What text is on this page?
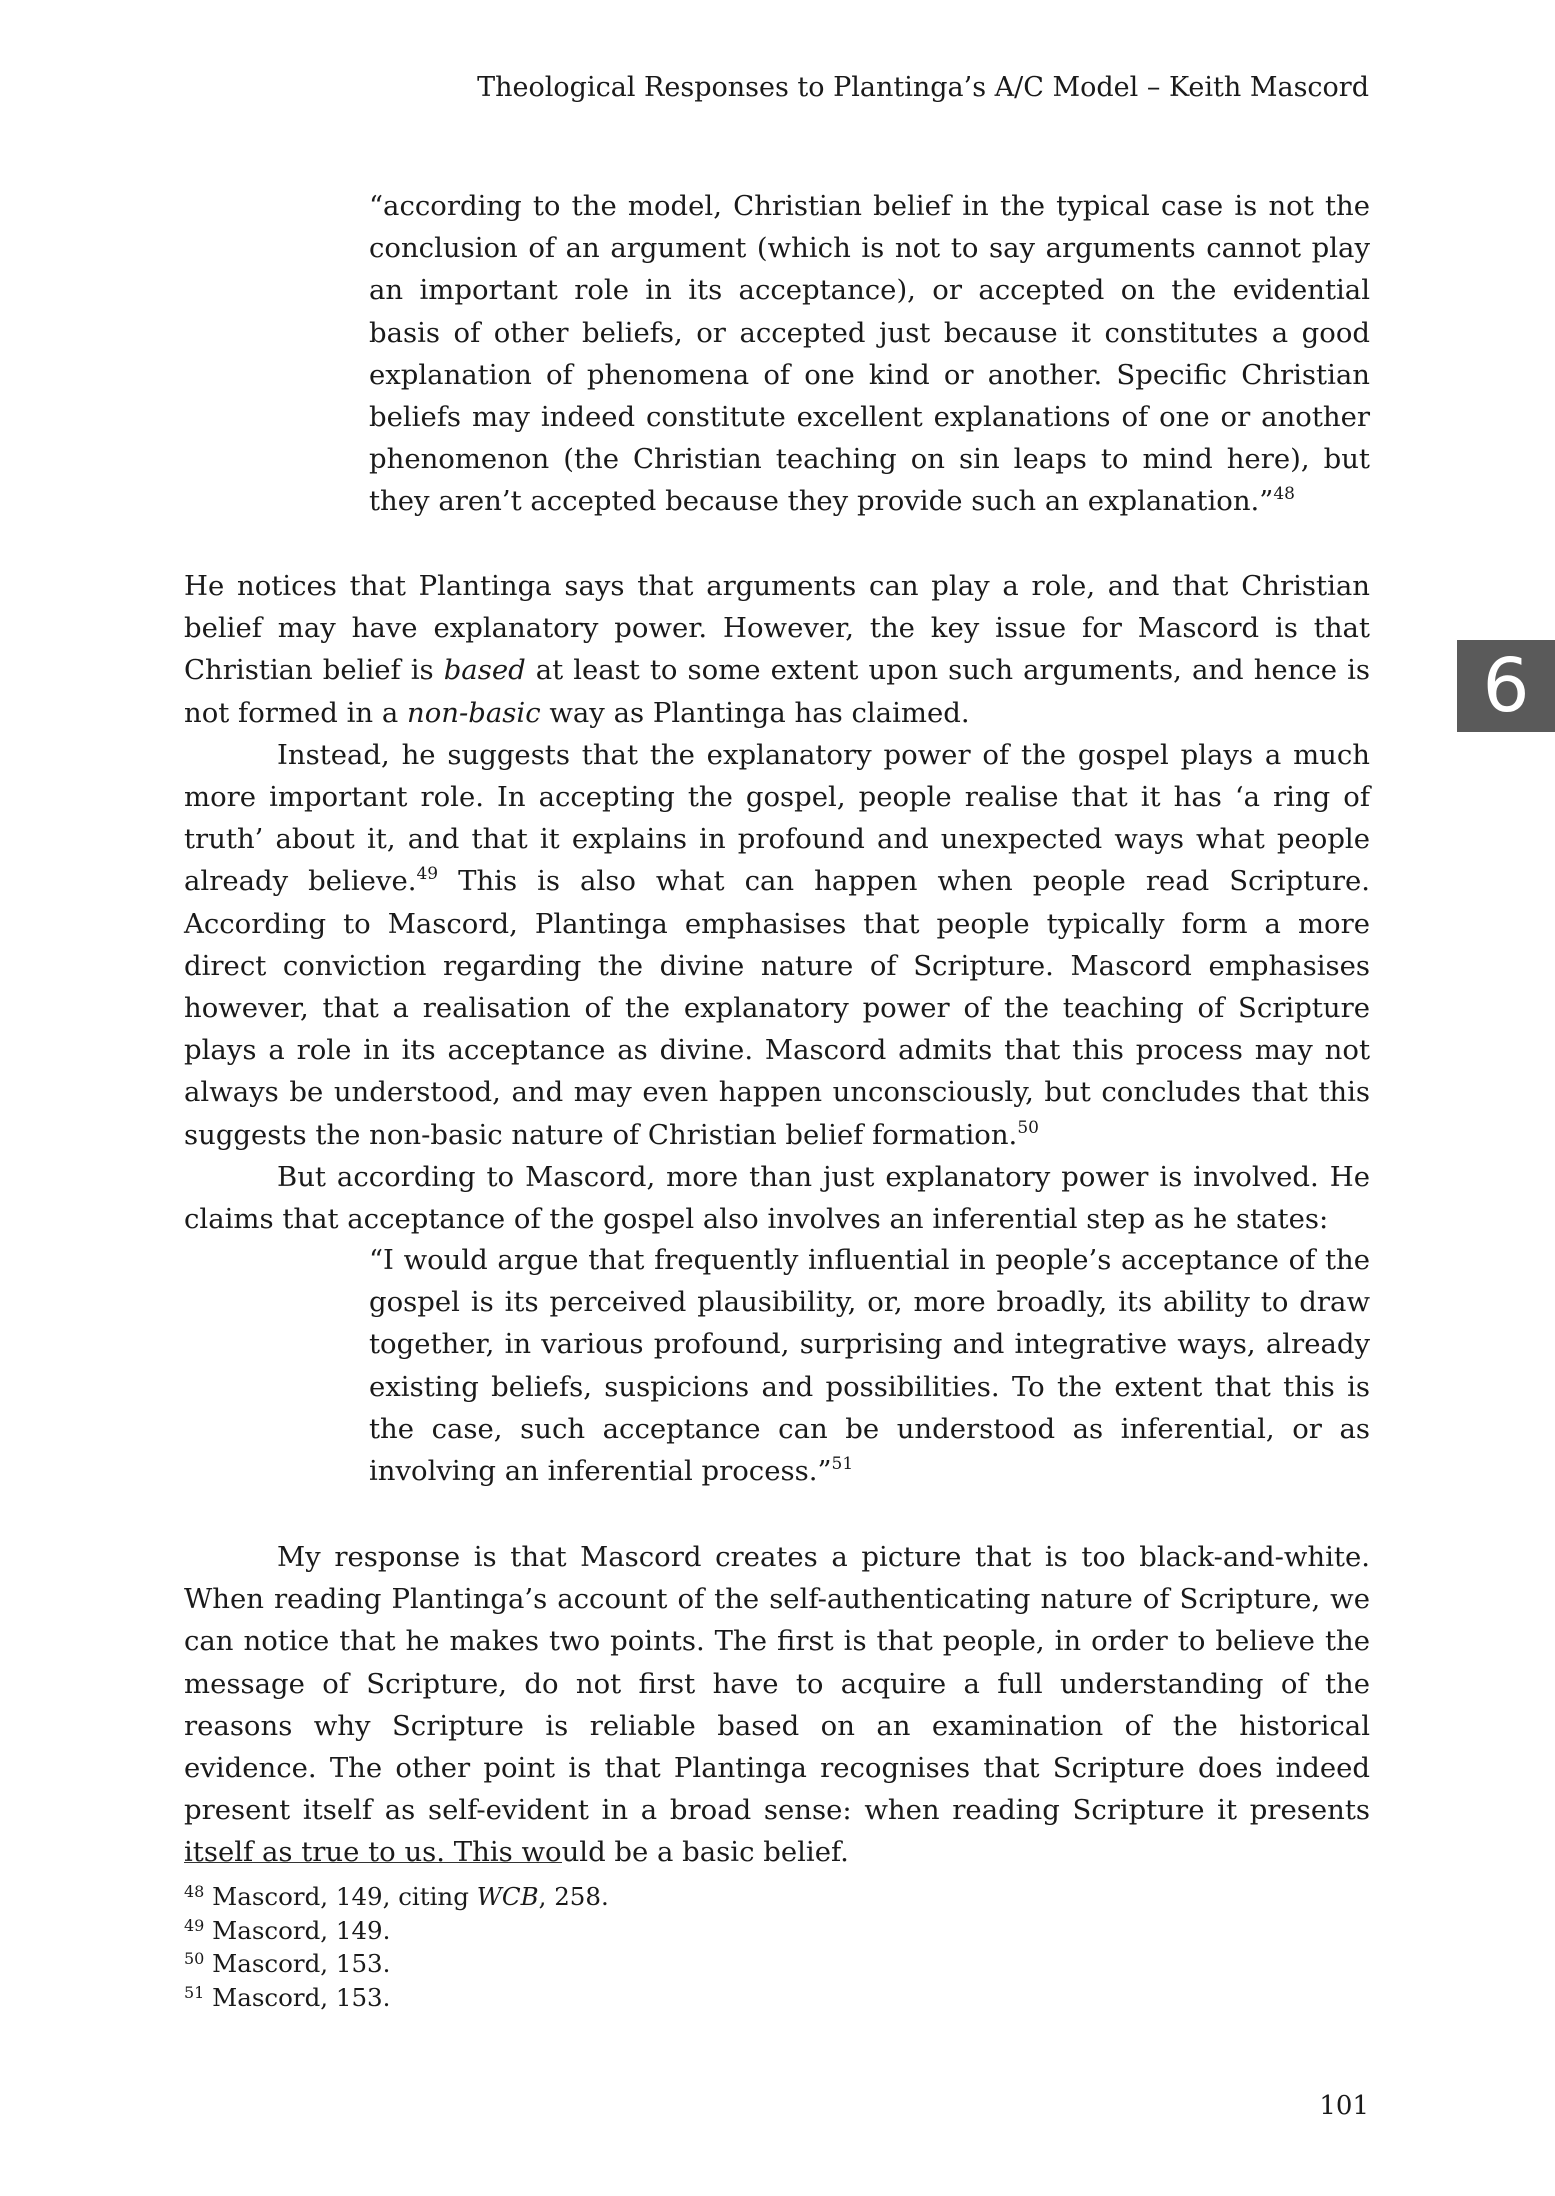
Theological Responses to Plantinga’s A/C Model – Keith Mascord
6

“according to the model, Christian belief in the typical case is not the conclusion of an argument (which is not to say arguments cannot play an important role in its acceptance), or accepted on the evidential basis of other beliefs, or accepted just because it constitutes a good explanation of phenomena of one kind or another. Specific Christian beliefs may indeed constitute excellent explanations of one or another phenomenon (the Christian teaching on sin leaps to mind here), but they aren’t accepted because they provide such an explanation.”$^{48}$

He notices that Plantinga says that arguments can play a role, and that Christian belief may have explanatory power. However, the key issue for Mascord is that Christian belief is based at least to some extent upon such arguments, and hence is not formed in a non-basic way as Plantinga has claimed.

Instead, he suggests that the explanatory power of the gospel plays a much more important role. In accepting the gospel, people realise that it has ‘a ring of truth’ about it, and that it explains in profound and unexpected ways what people already believe.$^{49}$ This is also what can happen when people read Scripture. According to Mascord, Plantinga emphasises that people typically form a more direct conviction regarding the divine nature of Scripture. Mascord emphasises however, that a realisation of the explanatory power of the teaching of Scripture plays a role in its acceptance as divine. Mascord admits that this process may not always be understood, and may even happen unconsciously, but concludes that this suggests the non-basic nature of Christian belief formation.$^{50}$

But according to Mascord, more than just explanatory power is involved. He claims that acceptance of the gospel also involves an inferential step as he states:

“I would argue that frequently influential in people’s acceptance of the gospel is its perceived plausibility, or, more broadly, its ability to draw together, in various profound, surprising and integrative ways, already existing beliefs, suspicions and possibilities. To the extent that this is the case, such acceptance can be understood as inferential, or as involving an inferential process.”$^{51}$

My response is that Mascord creates a picture that is too black-and-white. When reading Plantinga’s account of the self-authenticating nature of Scripture, we can notice that he makes two points. The first is that people, in order to believe the message of Scripture, do not first have to acquire a full understanding of the reasons why Scripture is reliable based on an examination of the historical evidence. The other point is that Plantinga recognises that Scripture does indeed present itself as self-evident in a broad sense: when reading Scripture it presents itself as true to us. This would be a basic belief.

$^{48}$ Mascord, 149, citing WCB, 258.
$^{49}$ Mascord, 149.
$^{50}$ Mascord, 153.
$^{51}$ Mascord, 153.
101
